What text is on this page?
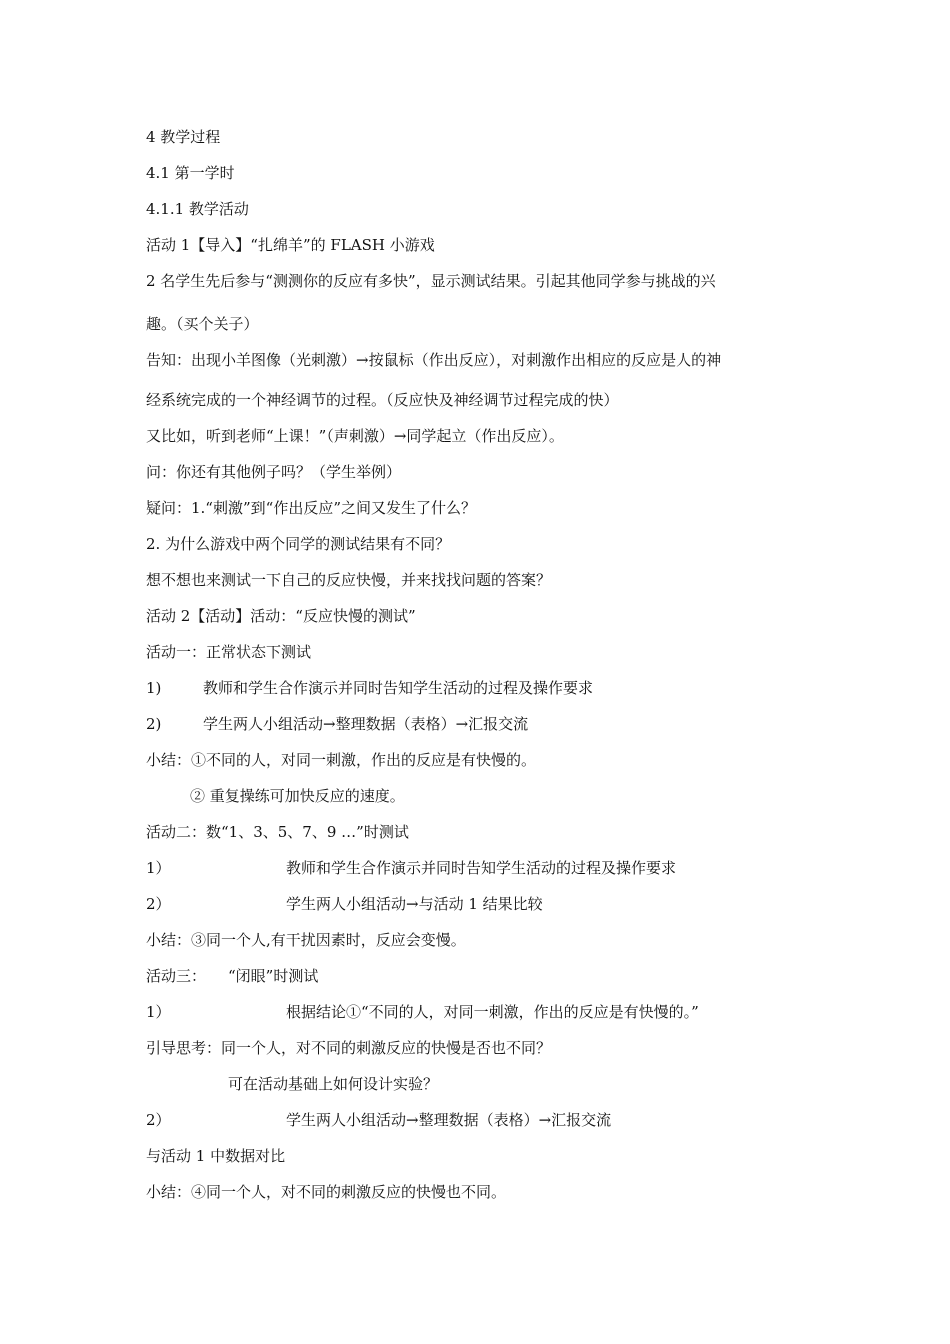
4 教学过程
4.1 第一学时
4.1.1 教学活动
活动 1【导入】“扎绵羊”的 FLASH 小游戏
2 名学生先后参与“测测你的反应有多快”，显示测试结果。引起其他同学参与挑战的兴
趣。（买个关子）
告知：出现小羊图像（光刺激）→按鼠标（作出反应），对刺激作出相应的反应是人的神
经系统完成的一个神经调节的过程。（反应快及神经调节过程完成的快）
又比如，听到老师“上课！”（声刺激）→同学起立（作出反应）。
问：你还有其他例子吗？（学生举例）
疑问：1.“刺激”到“作出反应”之间又发生了什么？
2. 为什么游戏中两个同学的测试结果有不同？
想不想也来测试一下自己的反应快慢，并来找找问题的答案？
活动 2【活动】活动：“反应快慢的测试”
活动一：正常状态下测试
1)	教师和学生合作演示并同时告知学生活动的过程及操作要求
2)	学生两人小组活动→整理数据（表格）→汇报交流
小结：①不同的人，对同一刺激，作出的反应是有快慢的。
② 重复操练可加快反应的速度。
活动二：数“1、3、5、7、9 …”时测试
1）	教师和学生合作演示并同时告知学生活动的过程及操作要求
2）	学生两人小组活动→与活动 1 结果比较
小结：③同一个人,有干扰因素时，反应会变慢。
活动三： “闭眼”时测试
1）	根据结论①“不同的人，对同一刺激，作出的反应是有快慢的。”
引导思考：同一个人，对不同的刺激反应的快慢是否也不同？
可在活动基础上如何设计实验？
2）	学生两人小组活动→整理数据（表格）→汇报交流
与活动 1 中数据对比
小结：④同一个人，对不同的刺激反应的快慢也不同。
